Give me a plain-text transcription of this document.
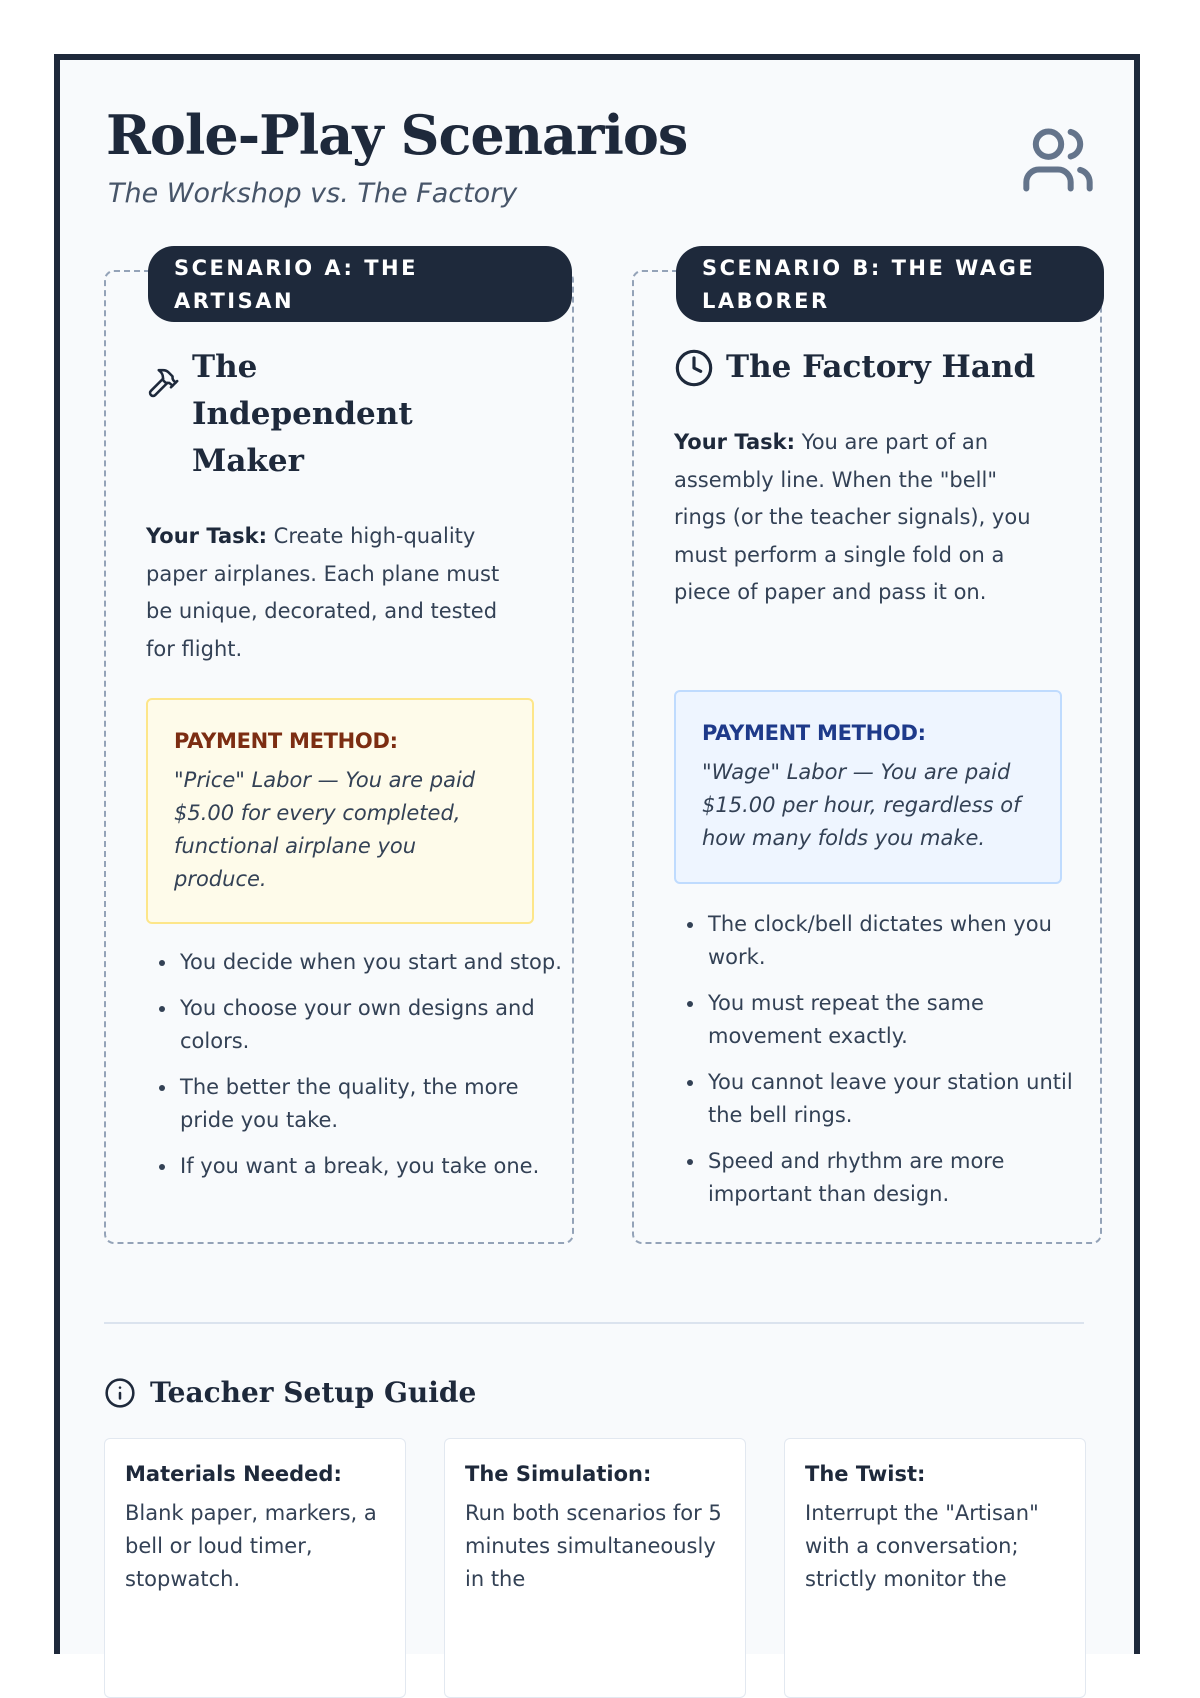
Role-Play Scenarios

The Workshop vs. The Factory

SCENARIO A: THE ARTISAN
The Independent Maker

Your Task: Create high-quality paper airplanes. Each plane must be unique, decorated, and tested for flight.

PAYMENT METHOD:
"Price" Labor — You are paid $5.00 for every completed, functional airplane you produce.
• You decide when you start and stop.
• You choose your own designs and colors.
• The better the quality, the more pride you take.
• If you want a break, you take one.
SCENARIO B: THE WAGE LABORER
The Factory Hand

Your Task: You are part of an assembly line. When the "bell" rings (or the teacher signals), you must perform a single fold on a piece of paper and pass it on.

PAYMENT METHOD:
"Wage" Labor — You are paid $15.00 per hour, regardless of how many folds you make.
• The clock/bell dictates when you work.
• You must repeat the same movement exactly.
• You cannot leave your station until the bell rings.
• Speed and rhythm are more important than design.
Teacher Setup Guide
Materials Needed:
Blank paper, markers, a bell or loud timer, stopwatch.
The Simulation:
Run both scenarios for 5 minutes simultaneously in the
The Twist:
Interrupt the "Artisan" with a conversation; strictly monitor the
